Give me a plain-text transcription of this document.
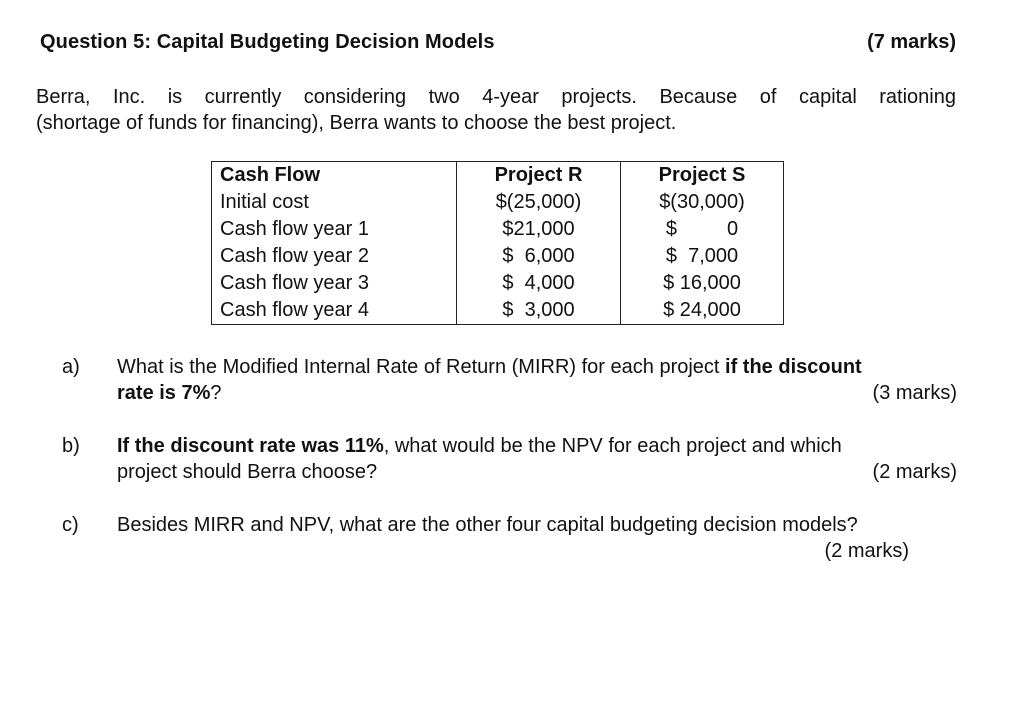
Question 5: Capital Budgeting Decision Models	(7 marks)
Berra, Inc. is currently considering two 4-year projects. Because of capital rationing
(shortage of funds for financing), Berra wants to choose the best project.
Cash Flow	Project R	Project S
Initial cost	$(25,000)	$(30,000)
Cash flow year 1	$21,000	$         0
Cash flow year 2	$  6,000	$  7,000
Cash flow year 3	$  4,000	$ 16,000
Cash flow year 4	$  3,000	$ 24,000
a) What is the Modified Internal Rate of Return (MIRR) for each project if the discount
rate is 7%?	(3 marks)
b) If the discount rate was 11%, what would be the NPV for each project and which
project should Berra choose?	(2 marks)
c) Besides MIRR and NPV, what are the other four capital budgeting decision models?
(2 marks)
